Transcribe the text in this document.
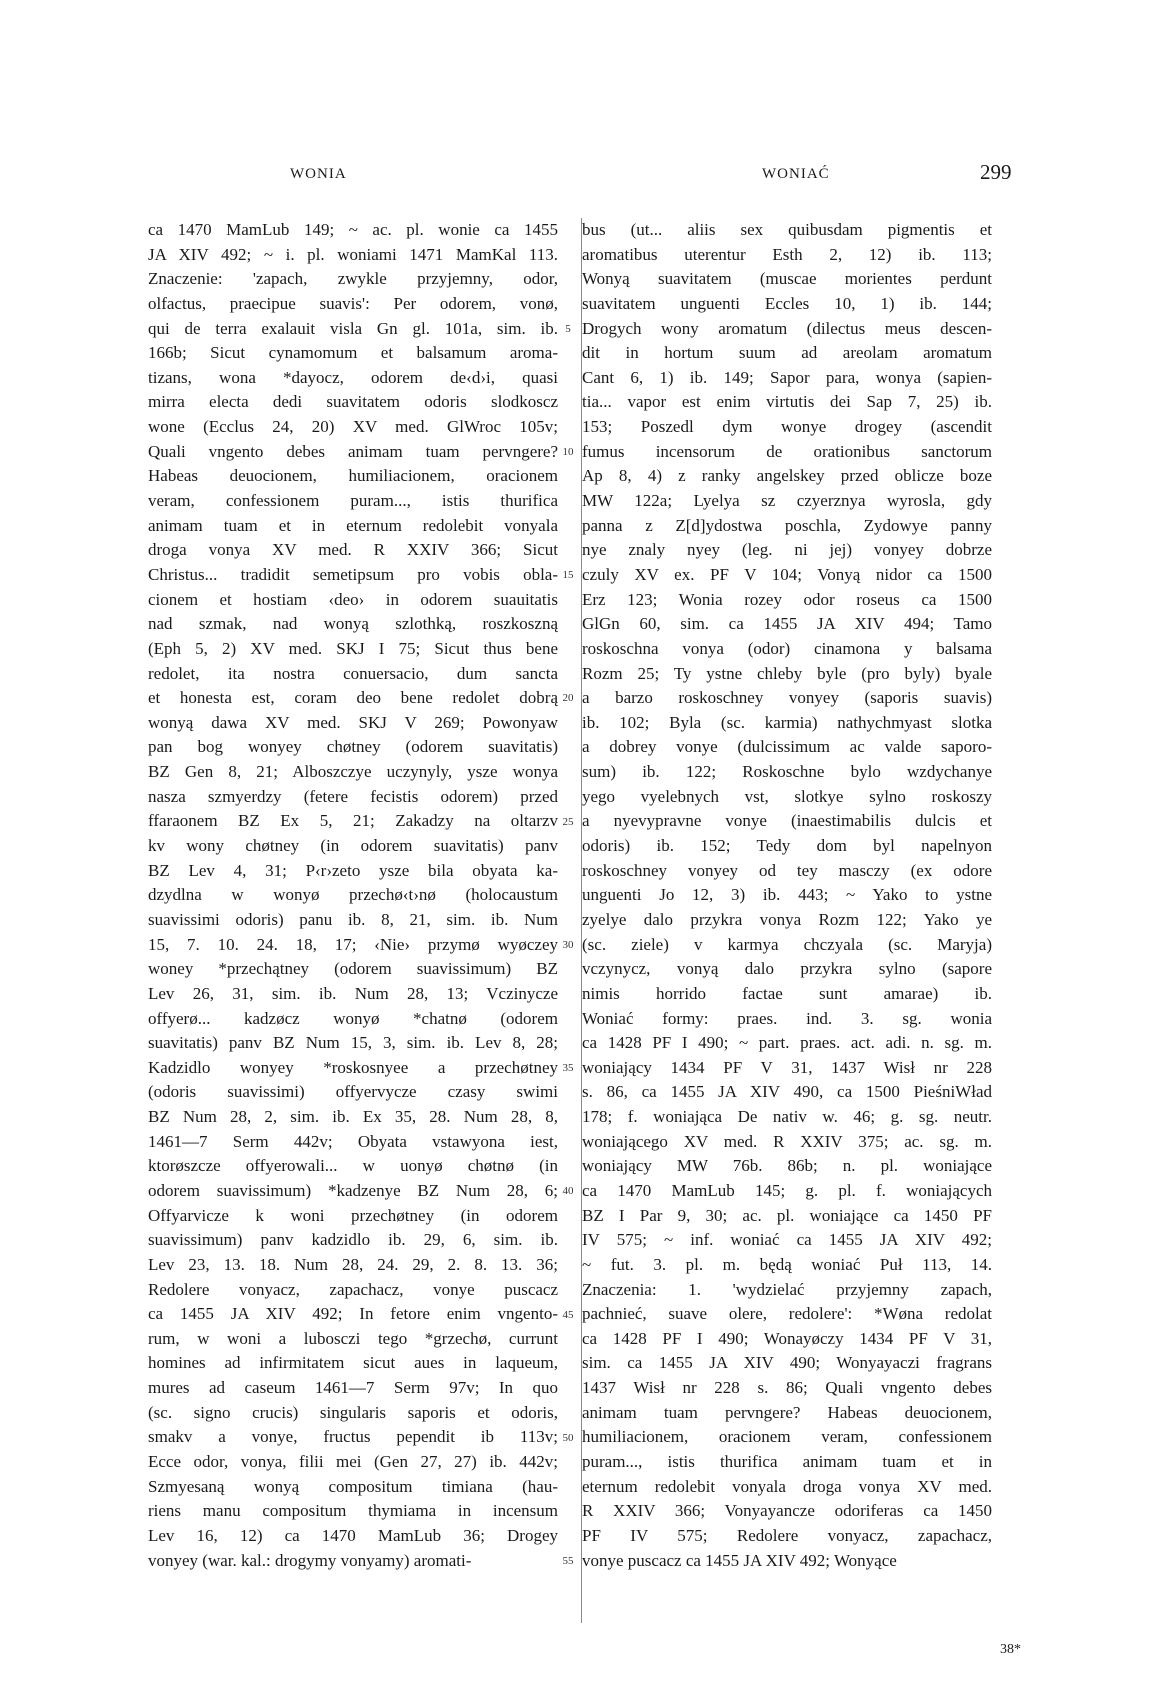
WONIA	WONIAĆ	299
ca 1470 MamLub 149; ~ ac. pl. wonie ca 1455
JA XIV 492; ~ i. pl. woniami 1471 MamKal 113.
Znaczenie: 'zapach, zwykle przyjemny, odor,
olfactus, praecipue suavis': Per odorem, vonø,
qui de terra exalauit visla Gn gl. 101a, sim. ib.
166b; Sicut cynamomum et balsamum aroma-
tizans, wona *dayocz, odorem de‹d›i, quasi
mirra electa dedi suavitatem odoris slodkoscz
wone (Ecclus 24, 20) XV med. GlWroc 105v;
Quali vngento debes animam tuam pervngere?
Habeas deuocionem, humiliacionem, oracionem
veram, confessionem puram..., istis thurifica
animam tuam et in eternum redolebit vonyala
droga vonya XV med. R XXIV 366; Sicut
Christus... tradidit semetipsum pro vobis obla-
cionem et hostiam ‹deo› in odorem suauitatis
nad szmak, nad wonyą szlothką, roszkoszną
(Eph 5, 2) XV med. SKJ I 75; Sicut thus bene
redolet, ita nostra conuersacio, dum sancta
et honesta est, coram deo bene redolet dobrą
wonyą dawa XV med. SKJ V 269; Powonyaw
pan bog wonyey chøtney (odorem suavitatis)
BZ Gen 8, 21; Alboszczye uczynyly, ysze wonya
nasza szmyerdzy (fetere fecistis odorem) przed
ffaraonem BZ Ex 5, 21; Zakadzy na oltarzv
kv wony chøtney (in odorem suavitatis) panv
BZ Lev 4, 31; P‹r›zeto ysze bila obyata ka-
dzydlna w wonyø przechø‹t›nø (holocaustum
suavissimi odoris) panu ib. 8, 21, sim. ib. Num
15, 7. 10. 24. 18, 17; ‹Nie› przymø wyøczey
woney *przechątney (odorem suavissimum) BZ
Lev 26, 31, sim. ib. Num 28, 13; Vczinycze
offyerø... kadzøcz wonyø *chatnø (odorem
suavitatis) panv BZ Num 15, 3, sim. ib. Lev 8, 28;
Kadzidlo wonyey *roskosnyee a przechøtney
(odoris suavissimi) offyervycze czasy swimi
BZ Num 28, 2, sim. ib. Ex 35, 28. Num 28, 8,
1461—7 Serm 442v; Obyata vstawyona iest,
ktorøszcze offyerowali... w uonyø chøtnø (in
odorem suavissimum) *kadzenye BZ Num 28, 6;
Offyarvicze k woni przechøtney (in odorem
suavissimum) panv kadzidlo ib. 29, 6, sim. ib.
Lev 23, 13. 18. Num 28, 24. 29, 2. 8. 13. 36;
Redolere vonyacz, zapachacz, vonye puscacz
ca 1455 JA XIV 492; In fetore enim vngento-
rum, w woni a lubosczi tego *grzechø, currunt
homines ad infirmitatem sicut aues in laqueum,
mures ad caseum 1461—7 Serm 97v; In quo
(sc. signo crucis) singularis saporis et odoris,
smakv a vonye, fructus pependit ib 113v;
Ecce odor, vonya, filii mei (Gen 27, 27) ib. 442v;
Szmyesaną wonyą compositum timiana (hau-
riens manu compositum thymiama in incensum
Lev 16, 12) ca 1470 MamLub 36; Drogey
vonyey (war. kal.: drogymy vonyamy) aromati-
5
10
15
20
25
30
35
40
45
50
55
bus (ut... aliis sex quibusdam pigmentis et
aromatibus uterentur Esth 2, 12) ib. 113;
Wonyą suavitatem (muscae morientes perdunt
suavitatem unguenti Eccles 10, 1) ib. 144;
Drogych wony aromatum (dilectus meus descen-
dit in hortum suum ad areolam aromatum
Cant 6, 1) ib. 149; Sapor para, wonya (sapien-
tia... vapor est enim virtutis dei Sap 7, 25) ib.
153; Poszedl dym wonye drogey (ascendit
fumus incensorum de orationibus sanctorum
Ap 8, 4) z ranky angelskey przed oblicze boze
MW 122a; Lyelya sz czyerznya wyrosla, gdy
panna z Z[d]ydostwa poschla, Zydowye panny
nye znaly nyey (leg. ni jej) vonyey dobrze
czuly XV ex. PF V 104; Vonyą nidor ca 1500
Erz 123; Wonia rozey odor roseus ca 1500
GlGn 60, sim. ca 1455 JA XIV 494; Tamo
roskoschna vonya (odor) cinamona y balsama
Rozm 25; Ty ystne chleby byle (pro byly) byale
a barzo roskoschney vonyey (saporis suavis)
ib. 102; Byla (sc. karmia) nathychmyast slotka
a dobrey vonye (dulcissimum ac valde saporo-
sum) ib. 122; Roskoschne bylo wzdychanye
yego vyelebnych vst, slotkye sylno roskoszy
a nyevypravne vonye (inaestimabilis dulcis et
odoris) ib. 152; Tedy dom byl napelnyon
roskoschney vonyey od tey masczy (ex odore
unguenti Jo 12, 3) ib. 443; ~ Yako to ystne
zyelye dalo przykra vonya Rozm 122; Yako ye
(sc. ziele) v karmya chczyala (sc. Maryja)
vczynycz, vonyą dalo przykra sylno (sapore
nimis horrido factae sunt amarae) ib.
Woniać formy: praes. ind. 3. sg. wonia
ca 1428 PF I 490; ~ part. praes. act. adi. n. sg. m.
woniający 1434 PF V 31, 1437 Wisł nr 228
s. 86, ca 1455 JA XIV 490, ca 1500 PieśniWład
178; f. woniająca De nativ w. 46; g. sg. neutr.
woniającego XV med. R XXIV 375; ac. sg. m.
woniający MW 76b. 86b; n. pl. woniające
ca 1470 MamLub 145; g. pl. f. woniających
BZ I Par 9, 30; ac. pl. woniające ca 1450 PF
IV 575; ~ inf. woniać ca 1455 JA XIV 492;
~ fut. 3. pl. m. będą woniać Puł 113, 14.
Znaczenia: 1. 'wydzielać przyjemny zapach,
pachnieć, suave olere, redolere': *Wøna redolat
ca 1428 PF I 490; Wonayøczy 1434 PF V 31,
sim. ca 1455 JA XIV 490; Wonyayaczi fragrans
1437 Wisł nr 228 s. 86; Quali vngento debes
animam tuam pervngere? Habeas deuocionem,
humiliacionem, oracionem veram, confessionem
puram..., istis thurifica animam tuam et in
eternum redolebit vonyala droga vonya XV med.
R XXIV 366; Vonyayancze odoriferas ca 1450
PF IV 575; Redolere vonyacz, zapachacz,
vonye puscacz ca 1455 JA XIV 492; Wonyące
38*
